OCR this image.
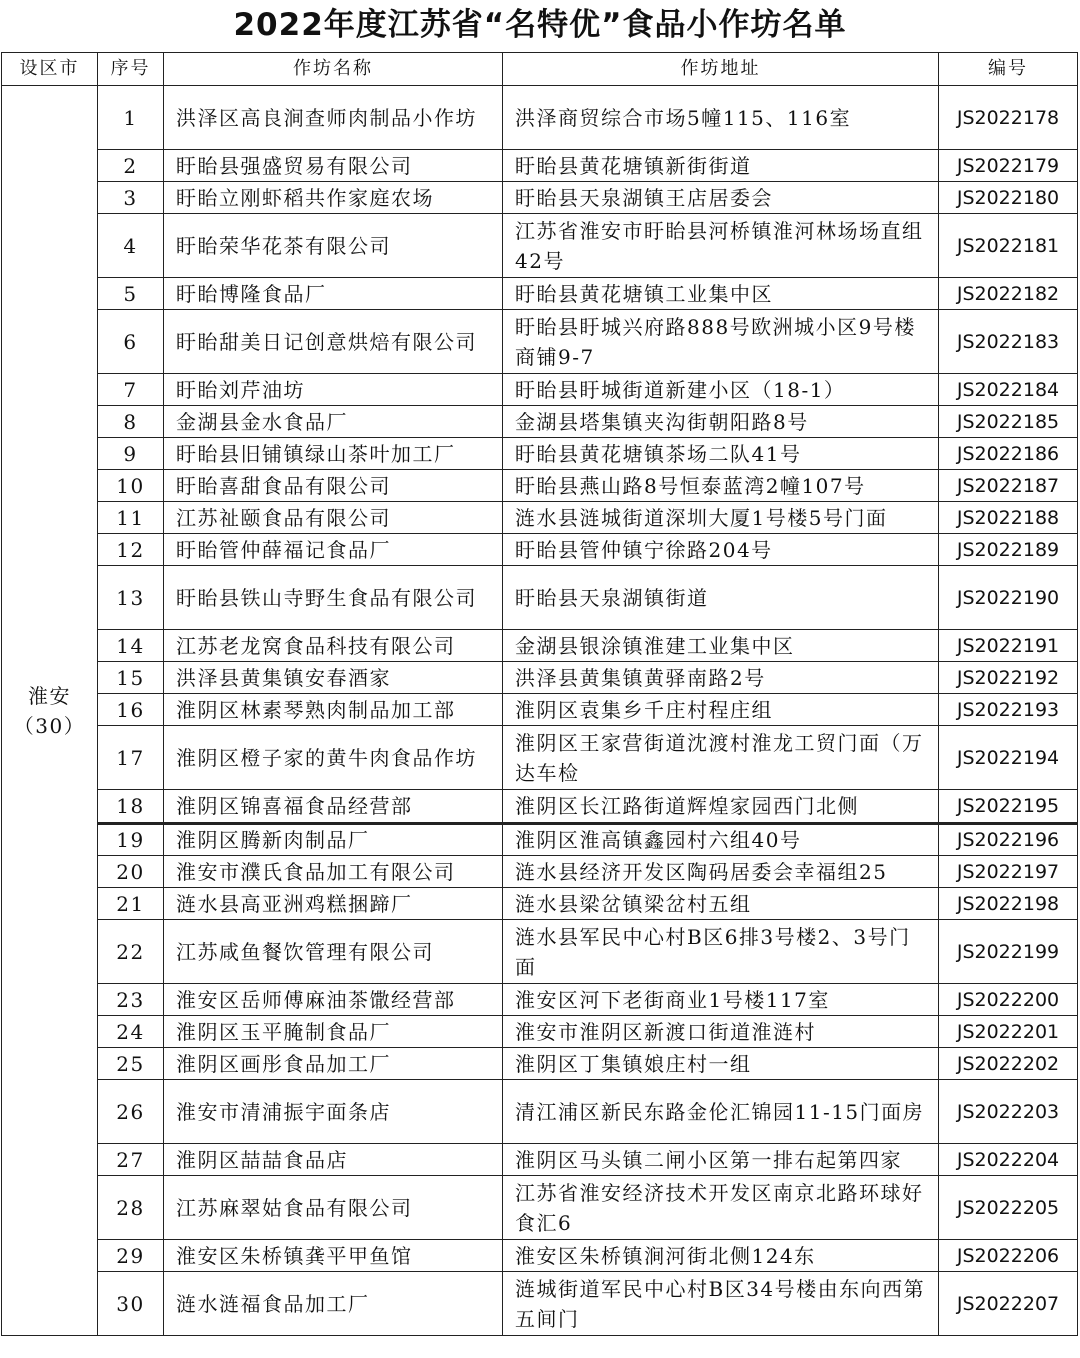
2022年度江苏省“名特优”食品小作坊名单
设区市	序号	作坊名称	作坊地址	编号

淮安
（30）	1	洪泽区高良涧查师肉制品小作坊	洪泽商贸综合市场5幢115、116室	JS2022178
	2	盱眙县强盛贸易有限公司	盱眙县黄花塘镇新街街道	JS2022179
	3	盱眙立刚虾稻共作家庭农场	盱眙县天泉湖镇王店居委会	JS2022180
	4	盱眙荣华花茶有限公司	江苏省淮安市盱眙县河桥镇淮河林场场直组42号	JS2022181
	5	盱眙博隆食品厂	盱眙县黄花塘镇工业集中区	JS2022182
	6	盱眙甜美日记创意烘焙有限公司	盱眙县盱城兴府路888号欧洲城小区9号楼商铺9-7	JS2022183
	7	盱眙刘芹油坊	盱眙县盱城街道新建小区（18-1）	JS2022184
	8	金湖县金水食品厂	金湖县塔集镇夹沟街朝阳路8号	JS2022185
	9	盱眙县旧铺镇绿山茶叶加工厂	盱眙县黄花塘镇茶场二队41号	JS2022186
	10	盱眙喜甜食品有限公司	盱眙县燕山路8号恒泰蓝湾2幢107号	JS2022187
	11	江苏祉颐食品有限公司	涟水县涟城街道深圳大厦1号楼5号门面	JS2022188
	12	盱眙管仲薛福记食品厂	盱眙县管仲镇宁徐路204号	JS2022189
	13	盱眙县铁山寺野生食品有限公司	盱眙县天泉湖镇街道	JS2022190
	14	江苏老龙窝食品科技有限公司	金湖县银涂镇淮建工业集中区	JS2022191
	15	洪泽县黄集镇安春酒家	洪泽县黄集镇黄驿南路2号	JS2022192
	16	淮阴区林素琴熟肉制品加工部	淮阴区袁集乡千庄村程庄组	JS2022193
	17	淮阴区橙子家的黄牛肉食品作坊	淮阴区王家营街道沈渡村淮龙工贸门面（万达车检	JS2022194
	18	淮阴区锦喜福食品经营部	淮阴区长江路街道辉煌家园西门北侧	JS2022195
	19	淮阴区腾新肉制品厂	淮阴区淮高镇鑫园村六组40号	JS2022196
	20	淮安市濮氏食品加工有限公司	涟水县经济开发区陶码居委会幸福组25	JS2022197
	21	涟水县高亚洲鸡糕捆蹄厂	涟水县梁岔镇梁岔村五组	JS2022198
	22	江苏咸鱼餐饮管理有限公司	涟水县军民中心村B区6排3号楼2、3号门面	JS2022199
	23	淮安区岳师傅麻油茶馓经营部	淮安区河下老街商业1号楼117室	JS2022200
	24	淮阴区玉平腌制食品厂	淮安市淮阴区新渡口街道淮涟村	JS2022201
	25	淮阴区画彤食品加工厂	淮阴区丁集镇娘庄村一组	JS2022202
	26	淮安市清浦振宇面条店	清江浦区新民东路金伦汇锦园11-15门面房	JS2022203
	27	淮阴区喆喆食品店	淮阴区马头镇二闸小区第一排右起第四家	JS2022204
	28	江苏麻翠姑食品有限公司	江苏省淮安经济技术开发区南京北路环球好食汇6	JS2022205
	29	淮安区朱桥镇龚平甲鱼馆	淮安区朱桥镇涧河街北侧124东	JS2022206
	30	涟水涟福食品加工厂	涟城街道军民中心村B区34号楼由东向西第五间门	JS2022207
